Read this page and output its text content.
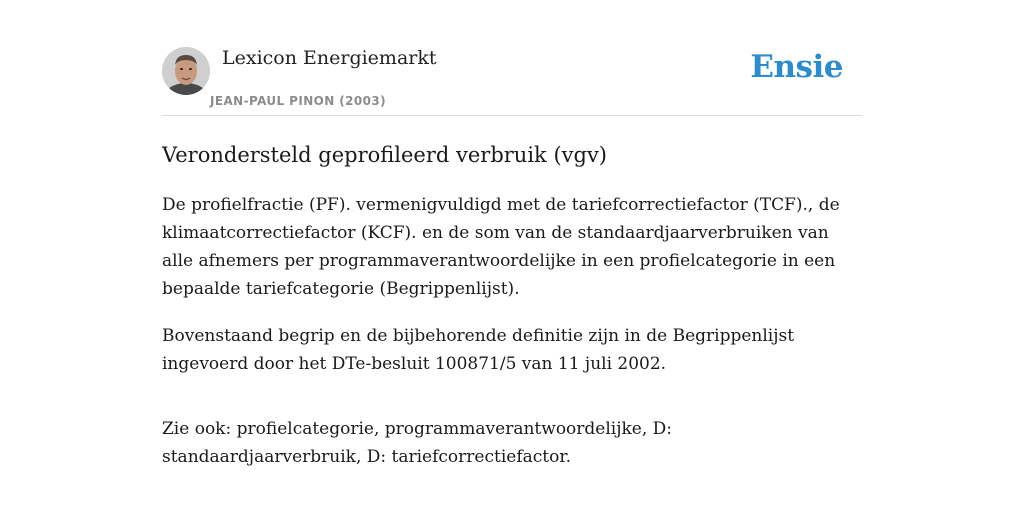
Lexicon Energiemarkt
JEAN-PAUL PINON (2003)
Ensie
Verondersteld geprofileerd verbruik (vgv)

De profielfractie (PF). vermenigvuldigd met de tariefcorrectiefactor (TCF)., de klimaatcorrectiefactor (KCF). en de som van de standaardjaarverbruiken van alle afnemers per programmaverantwoordelijke in een profielcategorie in een bepaalde tariefcategorie (Begrippenlijst).

Bovenstaand begrip en de bijbehorende definitie zijn in de Begrippenlijst ingevoerd door het DTe-besluit 100871/5 van 11 juli 2002.

Zie ook: profielcategorie, programmaverantwoordelijke, D: standaardjaarverbruik, D: tariefcorrectiefactor.
